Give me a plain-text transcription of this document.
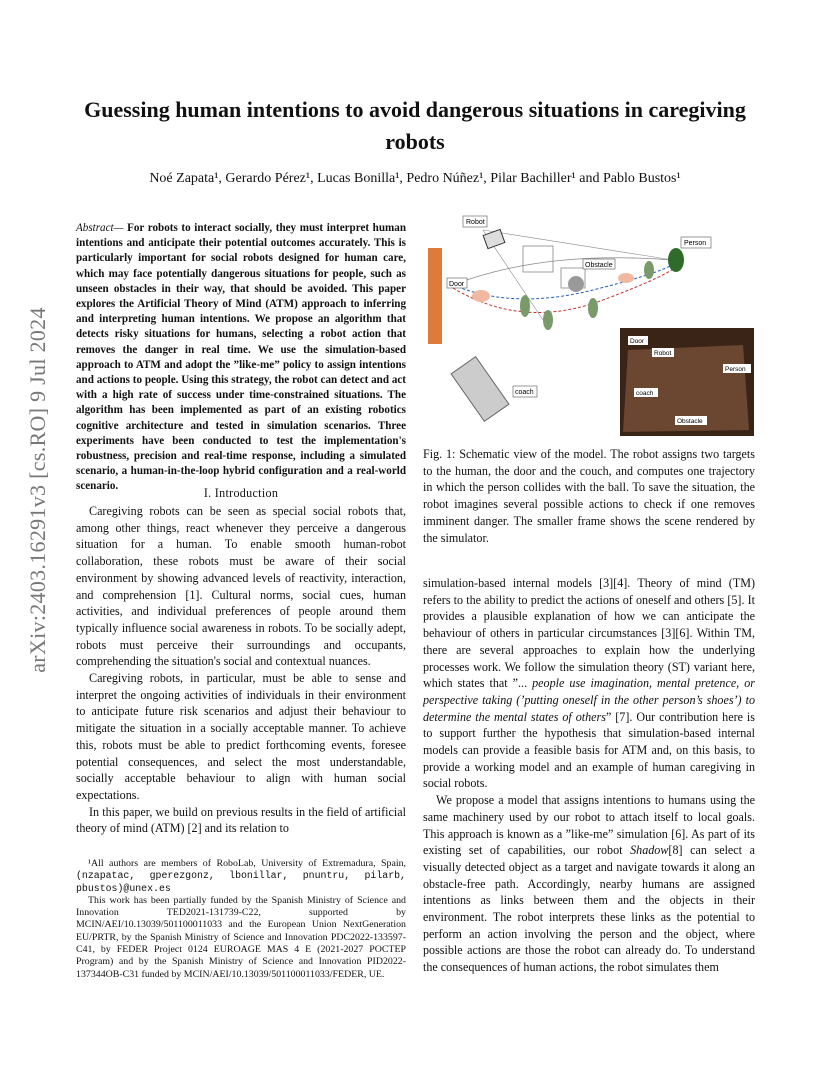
arXiv:2403.16291v3 [cs.RO] 9 Jul 2024
Guessing human intentions to avoid dangerous situations in caregiving robots
Noé Zapata¹, Gerardo Pérez¹, Lucas Bonilla¹, Pedro Núñez¹, Pilar Bachiller¹ and Pablo Bustos¹
Abstract— For robots to interact socially, they must interpret human intentions and anticipate their potential outcomes accurately. This is particularly important for social robots designed for human care, which may face potentially dangerous situations for people, such as unseen obstacles in their way, that should be avoided. This paper explores the Artificial Theory of Mind (ATM) approach to inferring and interpreting human intentions. We propose an algorithm that detects risky situations for humans, selecting a robot action that removes the danger in real time. We use the simulation-based approach to ATM and adopt the ”like-me” policy to assign intentions and actions to people. Using this strategy, the robot can detect and act with a high rate of success under time-constrained situations. The algorithm has been implemented as part of an existing robotics cognitive architecture and tested in simulation scenarios. Three experiments have been conducted to test the implementation's robustness, precision and real-time response, including a simulated scenario, a human-in-the-loop hybrid configuration and a real-world scenario.	I. Introduction

Caregiving robots can be seen as special social robots that, among other things, react whenever they perceive a dangerous situation for a human. To enable smooth human-robot collaboration, these robots must be aware of their social environment by showing advanced levels of reactivity, interaction, and comprehension [1]. Cultural norms, social cues, human activities, and individual preferences of people around them typically influence social awareness in robots. To be socially adept, robots must perceive their surroundings and occupants, comprehending the situation's social and contextual nuances.

Caregiving robots, in particular, must be able to sense and interpret the ongoing activities of individuals in their environment to anticipate future risk scenarios and adjust their behaviour to mitigate the situation in a socially acceptable manner. To achieve this, robots must be able to predict forthcoming events, foresee potential consequences, and select the most understandable, socially acceptable behaviour to align with human social expectations.

In this paper, we build on previous results in the field of artificial theory of mind (ATM) [2] and its relation to

¹All authors are members of RoboLab, University of Extremadura, Spain, (nzapatac, gperezgonz, lbonillar, pnuntru, pilarb, pbustos)@unex.es

This work has been partially funded by the Spanish Ministry of Science and Innovation TED2021-131739-C22, supported by MCIN/AEI/10.13039/501100011033 and the European Union NextGeneration EU/PRTR, by the Spanish Ministry of Science and Innovation PDC2022-133597-C41, by FEDER Project 0124 EUROAGE MAS 4 E (2021-2027 POCTEP Program) and by the Spanish Ministry of Science and Innovation PID2022-137344OB-C31 funded by MCIN/AEI/10.13039/501100011033/FEDER, UE.

Robot
Obstacle
Person
Door
coach
Door
Robot
Person
coach
Obstacle
Fig. 1: Schematic view of the model. The robot assigns two targets to the human, the door and the couch, and computes one trajectory in which the person collides with the ball. To save the situation, the robot imagines several possible actions to check if one removes imminent danger. The smaller frame shows the scene rendered by the simulator.

simulation-based internal models [3][4]. Theory of mind (TM) refers to the ability to predict the actions of oneself and others [5]. It provides a plausible explanation of how we can anticipate the behaviour of others in particular circumstances [3][6]. Within TM, there are several approaches to explain how the underlying processes work. We follow the simulation theory (ST) variant here, which states that ”... people use imagination, mental pretence, or perspective taking (’putting oneself in the other person’s shoes’) to determine the mental states of others” [7]. Our contribution here is to support further the hypothesis that simulation-based internal models can provide a feasible basis for ATM and, on this basis, to provide a working model and an example of human caregiving in social robots.

We propose a model that assigns intentions to humans using the same machinery used by our robot to attach itself to local goals. This approach is known as a ”like-me” simulation [6]. As part of its existing set of capabilities, our robot Shadow[8] can select a visually detected object as a target and navigate towards it along an obstacle-free path. Accordingly, nearby humans are assigned intentions as links between them and the objects in their environment. The robot interprets these links as the potential to perform an action involving the person and the object, where possible actions are those the robot can already do. To understand the consequences of human actions, the robot simulates them
